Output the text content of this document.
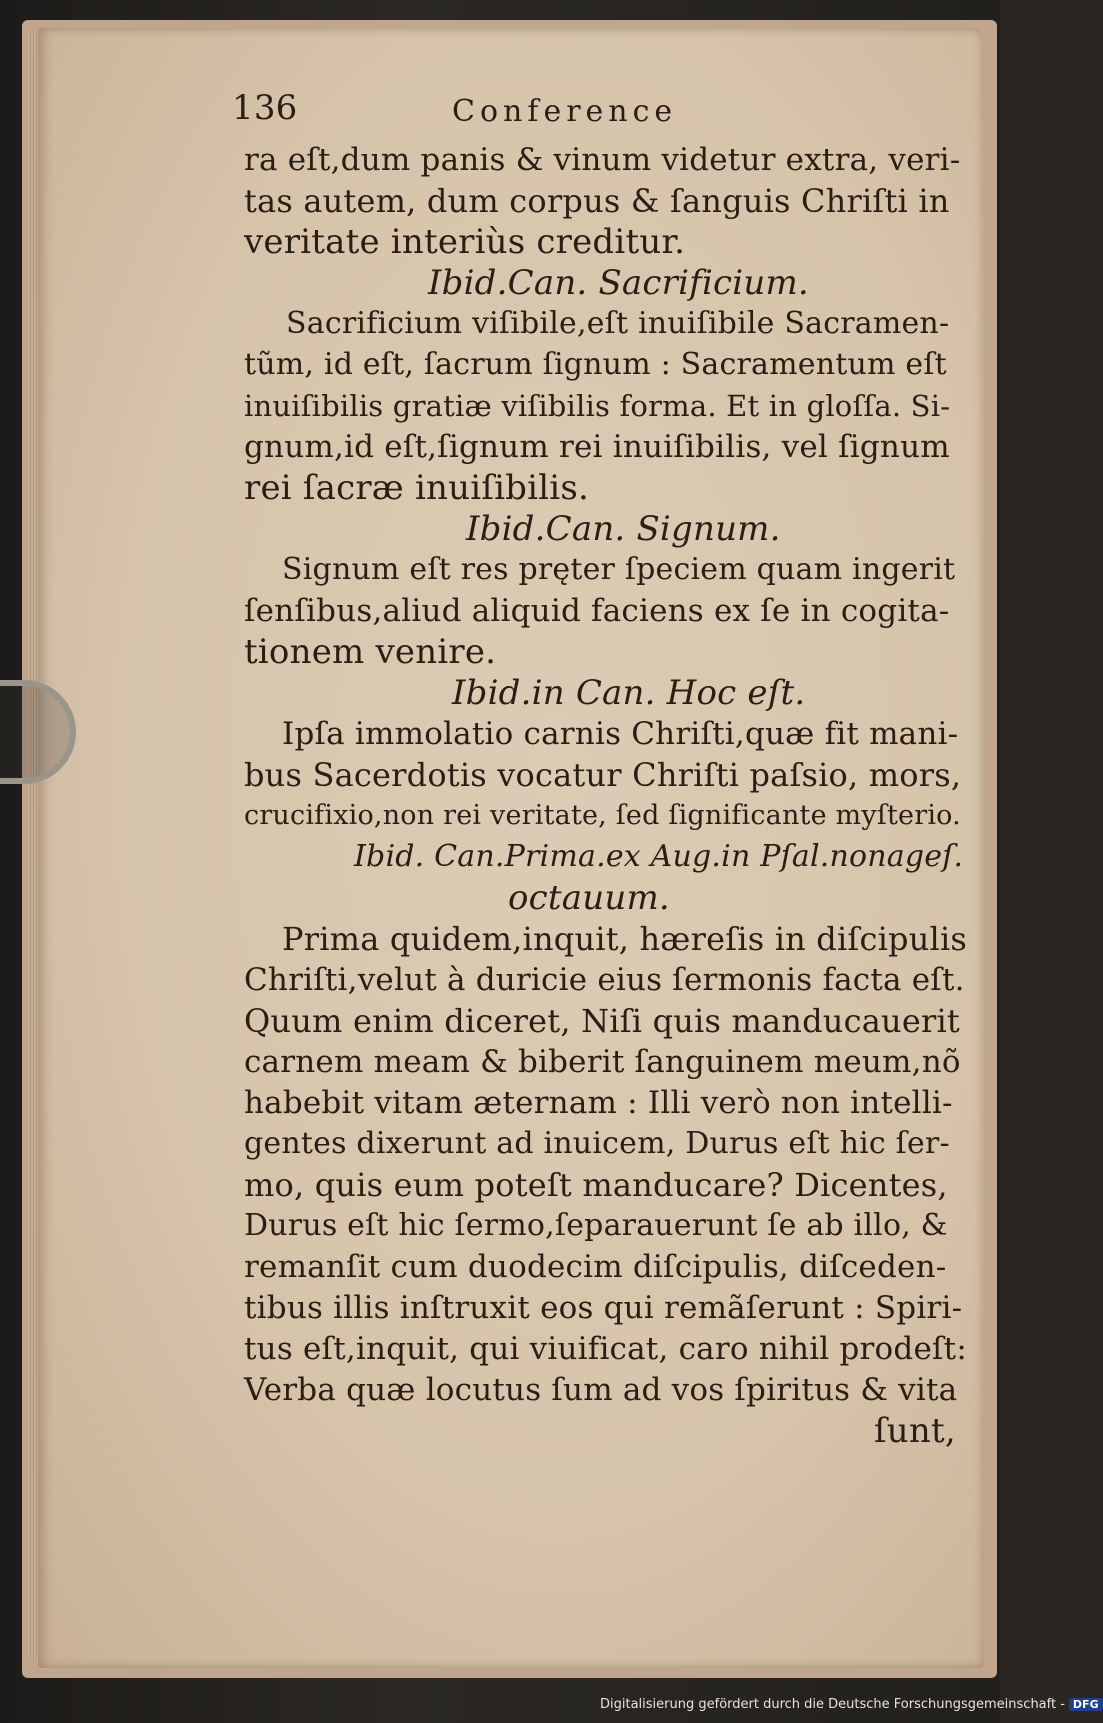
136	Conference
ra eſt,dum panis & vinum videtur extra, veri-
tas autem, dum corpus & ſanguis Chriſti in
veritate interiùs creditur.
Ibid.Can. Sacrificium.
Sacrificium viſibile,eſt inuiſibile Sacramen-
tũm, id eſt, ſacrum ſignum : Sacramentum eſt
inuiſibilis gratiæ viſibilis forma. Et in gloſſa. Si-
gnum,id eſt,ſignum rei inuiſibilis, vel ſignum
rei ſacræ inuiſibilis.
Ibid.Can. Signum.
Signum eſt res pręter ſpeciem quam ingerit
ſenſibus,aliud aliquid faciens ex ſe in cogita-
tionem venire.
Ibid.in Can. Hoc eſt.
Ipſa immolatio carnis Chriſti,quæ fit mani-
bus Sacerdotis vocatur Chriſti paſsio, mors,
crucifixio,non rei veritate, ſed ſignificante myſterio.
Ibid. Can.Prima.ex Aug.in Pſal.nonageſ.
octauum.
Prima quidem,inquit, hæreſis in diſcipulis
Chriſti,velut à duricie eius ſermonis facta eſt.
Quum enim diceret, Niſi quis manducauerit
carnem meam & biberit ſanguinem meum,nõ
habebit vitam æternam : Illi verò non intelli-
gentes dixerunt ad inuicem, Durus eſt hic ſer-
mo, quis eum poteſt manducare? Dicentes,
Durus eſt hic ſermo,ſeparauerunt ſe ab illo, &
remanſit cum duodecim diſcipulis, diſceden-
tibus illis inſtruxit eos qui remãſerunt : Spiri-
tus eſt,inquit, qui viuificat, caro nihil prodeſt:
Verba quæ locutus ſum ad vos ſpiritus & vita
ſunt,
Digitalisierung gefördert durch die Deutsche Forschungsgemeinschaft - DFG
